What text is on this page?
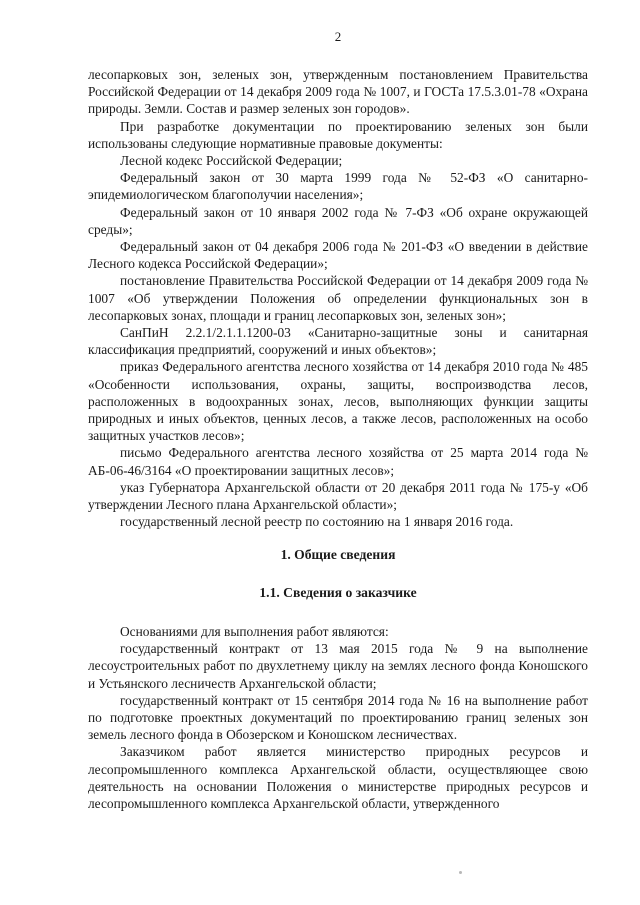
2

лесопарковых зон, зеленых зон, утвержденным постановлением Правительства Российской Федерации от 14 декабря 2009 года № 1007, и ГОСТа 17.5.3.01-78 «Охрана природы. Земли. Состав и размер зеленых зон городов».

При разработке документации по проектированию зеленых зон были использованы следующие нормативные правовые документы:

Лесной кодекс Российской Федерации;

Федеральный закон от 30 марта 1999 года № 52-ФЗ «О санитарно-эпидемиологическом благополучии населения»;

Федеральный закон от 10 января 2002 года № 7-ФЗ «Об охране окружающей среды»;

Федеральный закон от 04 декабря 2006 года № 201-ФЗ «О введении в действие Лесного кодекса Российской Федерации»;

постановление Правительства Российской Федерации от 14 декабря 2009 года № 1007 «Об утверждении Положения об определении функциональных зон в лесопарковых зонах, площади и границ лесопарковых зон, зеленых зон»;

СанПиН 2.2.1/2.1.1.1200-03 «Санитарно-защитные зоны и санитарная классификация предприятий, сооружений и иных объектов»;

приказ Федерального агентства лесного хозяйства от 14 декабря 2010 года № 485 «Особенности использования, охраны, защиты, воспроизводства лесов, расположенных в водоохранных зонах, лесов, выполняющих функции защиты природных и иных объектов, ценных лесов, а также лесов, расположенных на особо защитных участков лесов»;

письмо Федерального агентства лесного хозяйства от 25 марта 2014 года № АБ-06-46/3164 «О проектировании защитных лесов»;

указ Губернатора Архангельской области от 20 декабря 2011 года № 175-у «Об утверждении Лесного плана Архангельской области»;

государственный лесной реестр по состоянию на 1 января 2016 года.

1. Общие сведения

1.1. Сведения о заказчике

Основаниями для выполнения работ являются:

государственный контракт от 13 мая 2015 года № 9 на выполнение лесоустроительных работ по двухлетнему циклу на землях лесного фонда Коношского и Устьянского лесничеств Архангельской области;

государственный контракт от 15 сентября 2014 года № 16 на выполнение работ по подготовке проектных документаций по проектированию границ зеленых зон земель лесного фонда в Обозерском и Коношском лесничествах.

Заказчиком работ является министерство природных ресурсов и лесопромышленного комплекса Архангельской области, осуществляющее свою деятельность на основании Положения о министерстве природных ресурсов и лесопромышленного комплекса Архангельской области, утвержденного
